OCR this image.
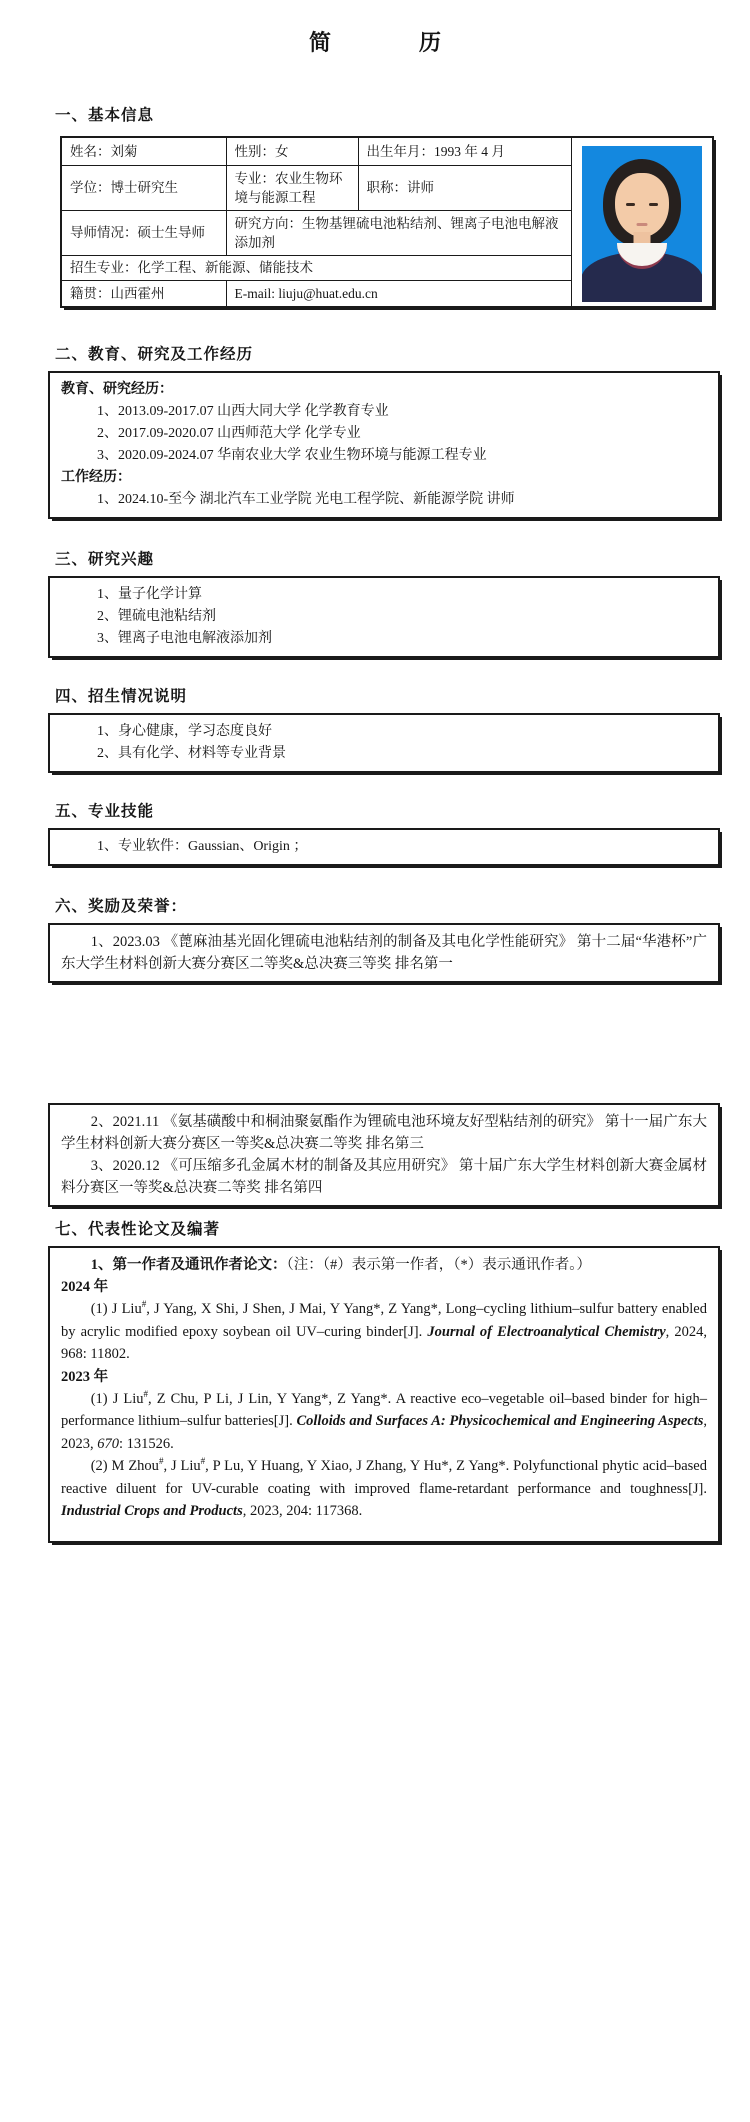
简　　　　历
一、基本信息
姓名：刘菊	性别：女	出生年月：1993 年 4 月	

学位：博士研究生	专业：农业生物环境与能源工程	职称：讲师	
导师情况：硕士生导师	研究方向：生物基锂硫电池粘结剂、锂离子电池电解液添加剂		
招生专业：化学工程、新能源、储能技术			
籍贯：山西霍州	E-mail: liuju@huat.edu.cn		
二、教育、研究及工作经历

教育、研究经历：

1、2013.09-2017.07 山西大同大学 化学教育专业

2、2017.09-2020.07 山西师范大学 化学专业

3、2020.09-2024.07 华南农业大学 农业生物环境与能源工程专业

工作经历：

1、2024.10-至今 湖北汽车工业学院 光电工程学院、新能源学院 讲师

三、研究兴趣

1、量子化学计算

2、锂硫电池粘结剂

3、锂离子电池电解液添加剂

四、招生情况说明

1、身心健康，学习态度良好

2、具有化学、材料等专业背景

五、专业技能

1、专业软件：Gaussian、Origin ；

六、奖励及荣誉：

1、2023.03 《蓖麻油基光固化锂硫电池粘结剂的制备及其电化学性能研究》 第十二届“华港杯”广东大学生材料创新大赛分赛区二等奖&总决赛三等奖 排名第一

2、2021.11 《氨基磺酸中和桐油聚氨酯作为锂硫电池环境友好型粘结剂的研究》 第十一届广东大学生材料创新大赛分赛区一等奖&总决赛二等奖 排名第三

3、2020.12 《可压缩多孔金属木材的制备及其应用研究》 第十届广东大学生材料创新大赛金属材料分赛区一等奖&总决赛二等奖 排名第四

七、代表性论文及编著

1、第一作者及通讯作者论文：（注：（#）表示第一作者，（*）表示通讯作者。）

2024 年

(1) J Liu#, J Yang, X Shi, J Shen, J Mai, Y Yang*, Z Yang*, Long–cycling lithium–sulfur battery enabled by acrylic modified epoxy soybean oil UV–curing binder[J]. Journal of Electroanalytical Chemistry, 2024, 968: 11802.

2023 年

(1) J Liu#, Z Chu, P Li, J Lin, Y Yang*, Z Yang*. A reactive eco–vegetable oil–based binder for high–performance lithium–sulfur batteries[J]. Colloids and Surfaces A: Physicochemical and Engineering Aspects, 2023, 670: 131526.

(2) M Zhou#, J Liu#, P Lu, Y Huang, Y Xiao, J Zhang, Y Hu*, Z Yang*. Polyfunctional phytic acid–based reactive diluent for UV-curable coating with improved flame-retardant performance and toughness[J]. Industrial Crops and Products, 2023, 204: 117368.
